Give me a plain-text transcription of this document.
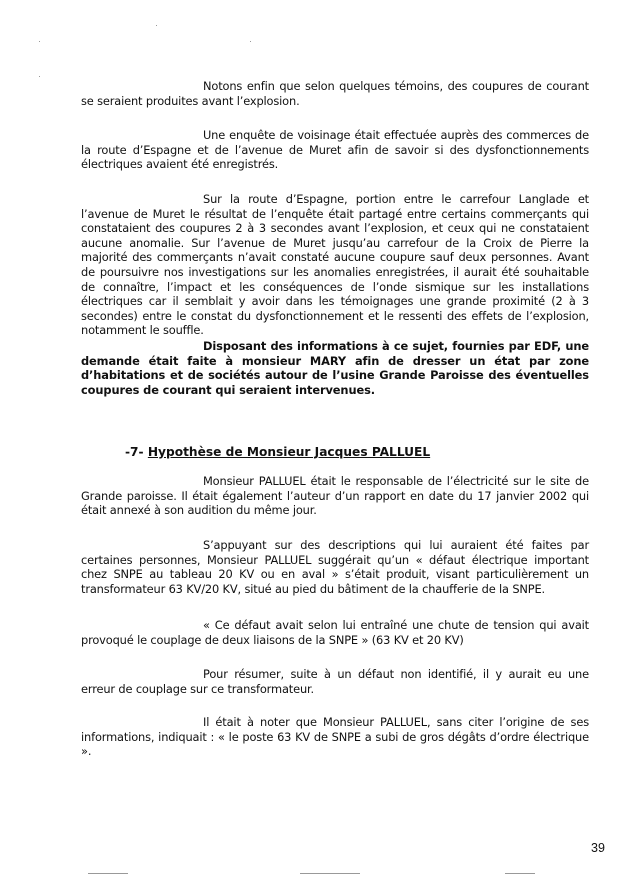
Notons enfin que selon quelques témoins, des coupures de courant se seraient produites avant l’explosion.

Une enquête de voisinage était effectuée auprès des commerces de la route d’Espagne et de l’avenue de Muret afin de savoir si des dysfonctionnements électriques avaient été enregistrés.

Sur la route d’Espagne, portion entre le carrefour Langlade et l’avenue de Muret le résultat de l’enquête était partagé entre certains commerçants qui constataient des coupures 2 à 3 secondes avant l’explosion, et ceux qui ne constataient aucune anomalie. Sur l’avenue de Muret jusqu’au carrefour de la Croix de Pierre la majorité des commerçants n’avait constaté aucune coupure sauf deux personnes. Avant de poursuivre nos investigations sur les anomalies enregistrées, il aurait été souhaitable de connaître, l’impact et les conséquences de l’onde sismique sur les installations électriques car il semblait y avoir dans les témoignages une grande proximité (2 à 3 secondes) entre le constat du dysfonctionnement et le ressenti des effets de l’explosion, notamment le souffle.

Disposant des informations à ce sujet, fournies par EDF, une demande était faite à monsieur MARY afin de dresser un état par zone d’habitations et de sociétés autour de l’usine Grande Paroisse des éventuelles coupures de courant qui seraient intervenues.

-7- Hypothèse de Monsieur Jacques PALLUEL

Monsieur PALLUEL était le responsable de l’électricité sur le site de Grande paroisse. Il était également l’auteur d’un rapport en date du 17 janvier 2002 qui était annexé à son audition du même jour.

S’appuyant sur des descriptions qui lui auraient été faites par certaines personnes, Monsieur PALLUEL suggérait qu’un « défaut électrique important chez SNPE au tableau 20 KV ou en aval » s’était produit, visant particulièrement un transformateur 63 KV/20 KV, situé au pied du bâtiment de la chaufferie de la SNPE.

« Ce défaut avait selon lui entraîné une chute de tension qui avait provoqué le couplage de deux liaisons de la SNPE » (63 KV et 20 KV)

Pour résumer, suite à un défaut non identifié, il y aurait eu une erreur de couplage sur ce transformateur.

Il était à noter que Monsieur PALLUEL, sans citer l’origine de ses informations, indiquait : « le poste 63 KV de SNPE a subi de gros dégâts d’ordre électrique ».

39
